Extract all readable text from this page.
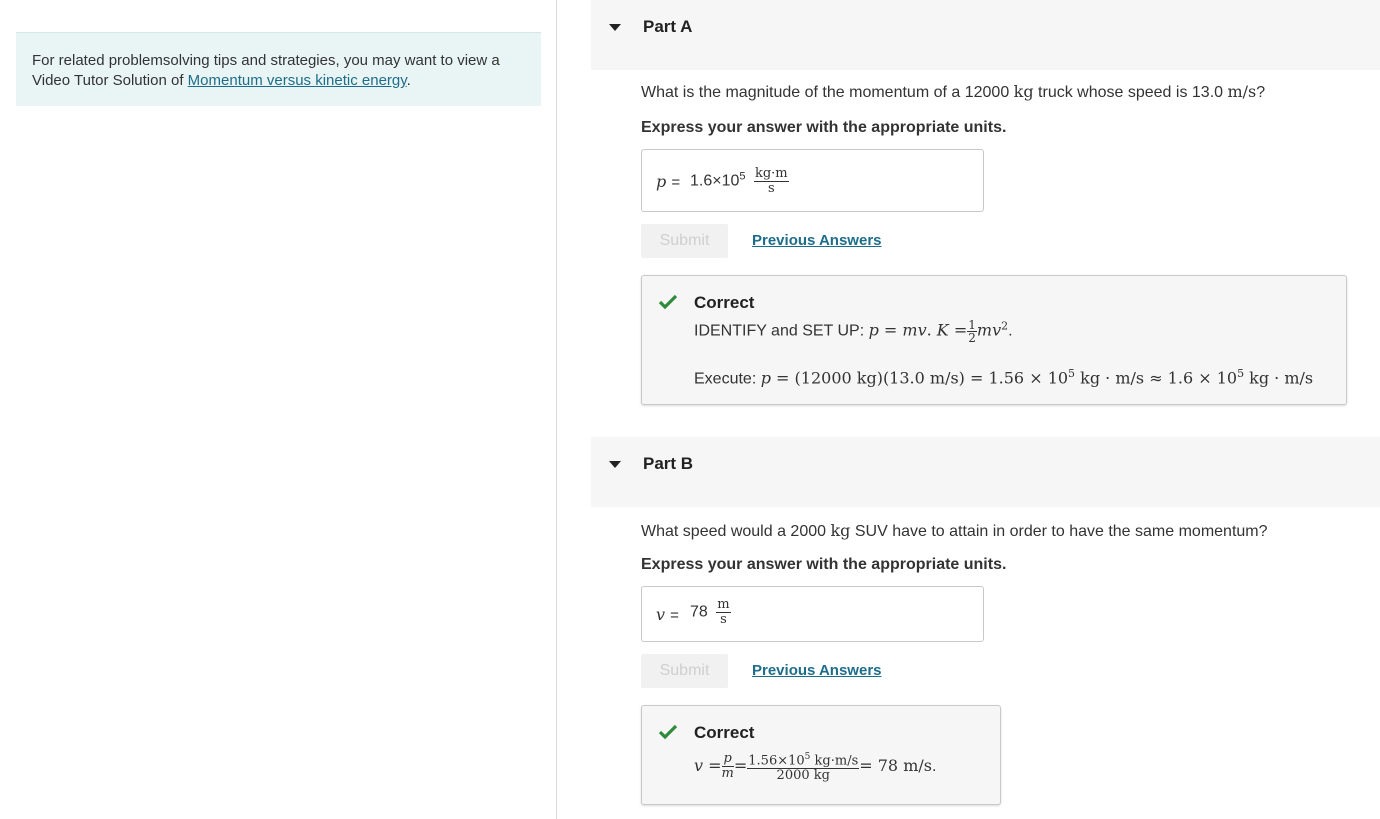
For related problemsolving tips and strategies, you may want to view a Video Tutor Solution of Momentum versus kinetic energy.
Part A
What is the magnitude of the momentum of a 12000 kg truck whose speed is 13.0 m/s?
Express your answer with the appropriate units.
$p = 1.6\times 10^5 \frac{kg\cdot m}{s}$
Submit	Previous Answers
Correct
IDENTIFY and SET UP: p = mv. $K = \frac{1}{2} mv^2$.
Execute: p = (12000 kg)(13.0 $m/s) = 1.56 \times 10^5$ kg · $m/s \approx 1.6 \times 10^5$ kg · m/s
Part B
What speed would a 2000 kg SUV have to attain in order to have the same momentum?
Express your answer with the appropriate units.
$v = 78 \frac{m}{s}$
Submit	Previous Answers
Correct
$v = \frac{p}{m} = \frac{1.56\times 10^5 kg\cdot m/s}{2000 kg} = 78$ m/s.
